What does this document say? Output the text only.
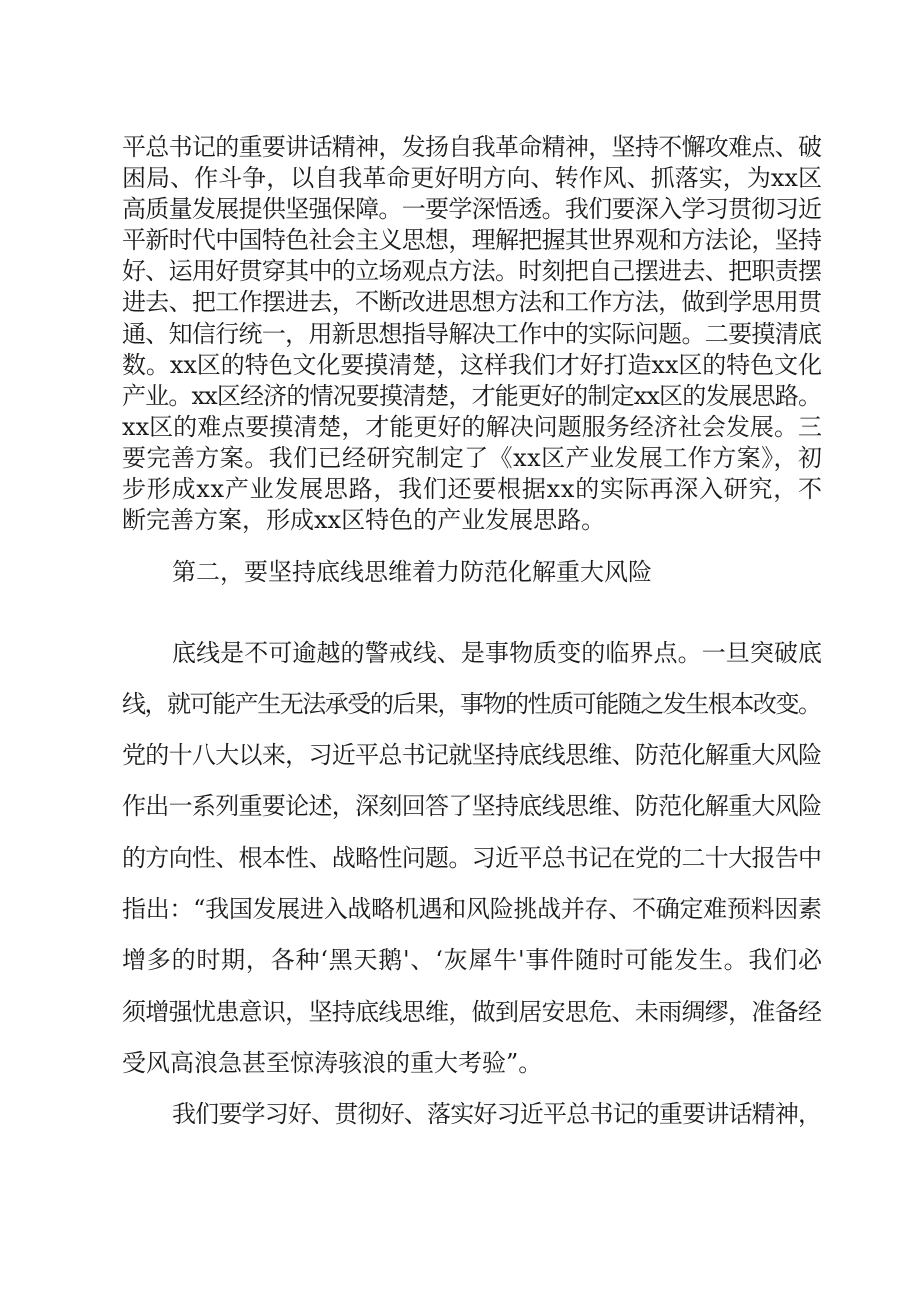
平总书记的重要讲话精神，发扬自我革命精神，坚持不懈攻难点、破
困局、作斗争，以自我革命更好明方向、转作风、抓落实，为xx区
高质量发展提供坚强保障。一要学深悟透。我们要深入学习贯彻习近
平新时代中国特色社会主义思想，理解把握其世界观和方法论，坚持
好、运用好贯穿其中的立场观点方法。时刻把自己摆进去、把职责摆
进去、把工作摆进去，不断改进思想方法和工作方法，做到学思用贯
通、知信行统一，用新思想指导解决工作中的实际问题。二要摸清底
数。xx区的特色文化要摸清楚，这样我们才好打造xx区的特色文化
产业。xx区经济的情况要摸清楚，才能更好的制定xx区的发展思路。
xx区的难点要摸清楚，才能更好的解决问题服务经济社会发展。三
要完善方案。我们已经研究制定了《xx区产业发展工作方案》，初
步形成xx产业发展思路，我们还要根据xx的实际再深入研究，不
断完善方案，形成xx区特色的产业发展思路。
第二，要坚持底线思维着力防范化解重大风险
底线是不可逾越的警戒线、是事物质变的临界点。一旦突破底
线，就可能产生无法承受的后果，事物的性质可能随之发生根本改变。
党的十八大以来，习近平总书记就坚持底线思维、防范化解重大风险
作出一系列重要论述，深刻回答了坚持底线思维、防范化解重大风险
的方向性、根本性、战略性问题。习近平总书记在党的二十大报告中
指出：“我国发展进入战略机遇和风险挑战并存、不确定难预料因素
增多的时期，各种‘黑天鹅'、‘灰犀牛'事件随时可能发生。我们必
须增强忧患意识，坚持底线思维，做到居安思危、未雨绸缪，准备经
受风高浪急甚至惊涛骇浪的重大考验”。
我们要学习好、贯彻好、落实好习近平总书记的重要讲话精神，
